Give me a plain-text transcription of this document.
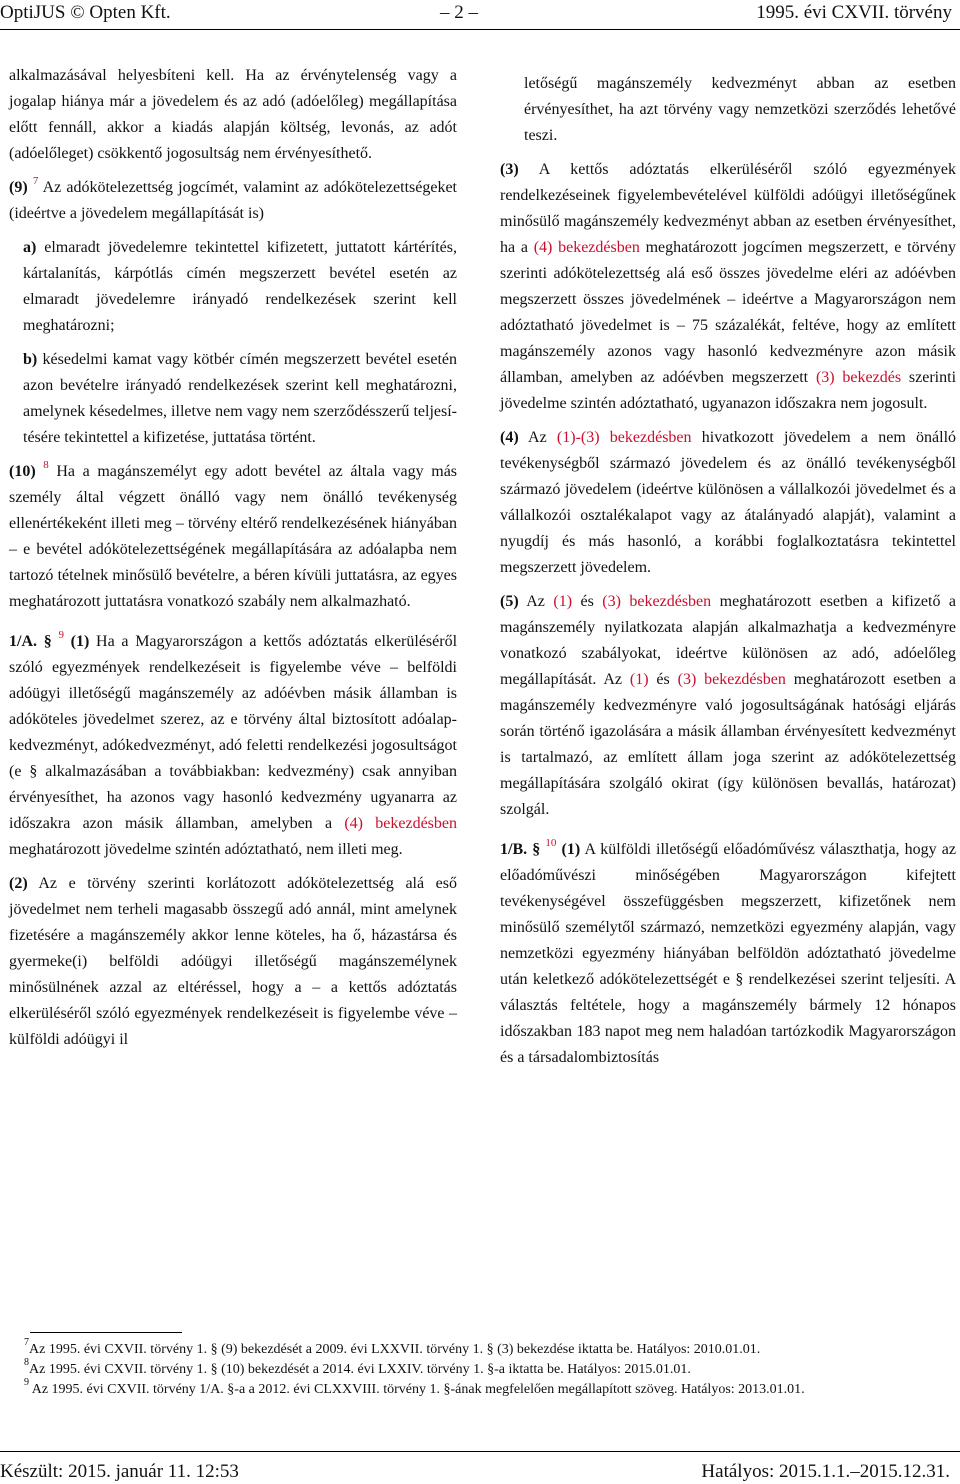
OptiJUS © Opten Kft.	– 2 –	1995. évi CXVII. törvény

alkalmazásával helyesbíteni kell. Ha az érvénytelenség vagy a jogalap hiánya már a jövedelem és az adó (adóelőleg) megállapítása előtt fennáll, akkor a kiadás alapján költség, levonás, az adót (adóelőleget) csökkentő jogosultság nem érvényesíthető.

(9) $^7$ Az adókötelezettség jogcímét, valamint az adókötelezettségeket (ideértve a jövedelem megállapítását is)

a) elmaradt jövedelemre tekintettel kifizetett, juttatott kártérítés, kártalanítás, kárpótlás címén megszerzett bevétel esetén az elmaradt jövedelemre irányadó rendelkezések szerint kell meghatározni;

b) késedelmi kamat vagy kötbér címén megszerzett bevétel esetén azon bevételre irányadó rendelkezések szerint kell meghatározni, amelynek késedelmes, illetve nem vagy nem szerződésszerű teljesítésére tekintettel a kifizetése, juttatása történt.

(10) $^8$ Ha a magánszemélyt egy adott bevétel az általa vagy más személy által végzett önálló vagy nem önálló tevékenység ellenértékeként illeti meg – törvény eltérő rendelkezésének hiányában – e bevétel adókötelezettségének megállapítására az adóalapba nem tartozó tételnek minősülő bevételre, a béren kívüli juttatásra, az egyes meghatározott juttatásra vonatkozó szabály nem alkalmazható.

1/A. § $^9$ (1) Ha a Magyarországon a kettős adóztatás elkerüléséről szóló egyezmények rendelkezéseit is figyelembe véve – belföldi adóügyi illetőségű magánszemély az adóévben másik államban is adóköteles jövedelmet szerez, az e törvény által biztosított adóalap-kedvezményt, adókedvezményt, adó feletti rendelkezési jogosultságot (e § alkalmazásában a továbbiakban: kedvezmény) csak annyiban érvényesíthet, ha azonos vagy hasonló kedvezmény ugyanarra az időszakra azon másik államban, amelyben a (4) bekezdésben meghatározott jövedelme szintén adóztatható, nem illeti meg.

(2) Az e törvény szerinti korlátozott adókötelezettség alá eső jövedelmet nem terheli magasabb összegű adó annál, mint amelynek fizetésére a magánszemély akkor lenne köteles, ha ő, házastársa és gyermeke(i) belföldi adóügyi illetőségű magánszemélynek minősülnének azzal az eltéréssel, hogy a – a kettős adóztatás elkerüléséről szóló egyezmények rendelkezéseit is figyelembe véve – külföldi adóügyi il

letőségű magánszemély kedvezményt abban az esetben érvényesíthet, ha azt törvény vagy nemzetközi szerződés lehetővé teszi.

(3) A kettős adóztatás elkerüléséről szóló egyezmények rendelkezéseinek figyelembevételével külföldi adóügyi illetőségűnek minősülő magánszemély kedvezményt abban az esetben érvényesíthet, ha a (4) bekezdésben meghatározott jogcímen megszerzett, e törvény szerinti adókötelezettség alá eső összes jövedelme eléri az adóévben megszerzett összes jövedelmének – ideértve a Magyarországon nem adóztatható jövedelmet is – 75 százalékát, feltéve, hogy az említett magánszemély azonos vagy hasonló kedvezményre azon másik államban, amelyben az adóévben megszerzett (3) bekezdés szerinti jövedelme szintén adóztatható, ugyanazon időszakra nem jogosult.

(4) Az (1)-(3) bekezdésben hivatkozott jövedelem a nem önálló tevékenységből származó jövedelem és az önálló tevékenységből származó jövedelem (ideértve különösen a vállalkozói jövedelmet és a vállalkozói osztalékalapot vagy az átalányadó alapját), valamint a nyugdíj és más hasonló, a korábbi foglalkoztatásra tekintettel megszerzett jövedelem.

(5) Az (1) és (3) bekezdésben meghatározott esetben a kifizető a magánszemély nyilatkozata alapján alkalmazhatja a kedvezményre vonatkozó szabályokat, ideértve különösen az adó, adóelőleg megállapítását. Az (1) és (3) bekezdésben meghatározott esetben a magánszemély kedvezményre való jogosultságának hatósági eljárás során történő igazolására a másik államban érvényesített kedvezményt is tartalmazó, az említett állam joga szerint az adókötelezettség megállapítására szolgáló okirat (így különösen bevallás, határozat) szolgál.

1/B. § $^{10}$ (1) A külföldi illetőségű előadóművész választhatja, hogy az előadóművészi minőségében Magyarországon kifejtett tevékenységével összefüggésben megszerzett, kifizetőnek nem minősülő személytől származó, nemzetközi egyezmény alapján, vagy nemzetközi egyezmény hiányában belföldön adóztatható jövedelme után keletkező adókötelezettségét e § rendelkezései szerint teljesíti. A választás feltétele, hogy a magánszemély bármely 12 hónapos időszakban 183 napot meg nem haladóan tartózkodik Magyarországon és a társadalombiztosítás

$^7$Az 1995. évi CXVII. törvény 1. § (9) bekezdését a 2009. évi LXXVII. törvény 1. § (3) bekezdése iktatta be. Hatályos: 2010.01.01.

$^8$Az 1995. évi CXVII. törvény 1. § (10) bekezdését a 2014. évi LXXIV. törvény 1. §-a iktatta be. Hatályos: 2015.01.01.

$^9$ Az 1995. évi CXVII. törvény 1/A. §-a a 2012. évi CLXXVIII. törvény 1. §-ának megfelelően megállapított szöveg. Hatályos: 2013.01.01.

Készült: 2015. január 11. 12:53	Hatályos: 2015.1.1.–2015.12.31.
